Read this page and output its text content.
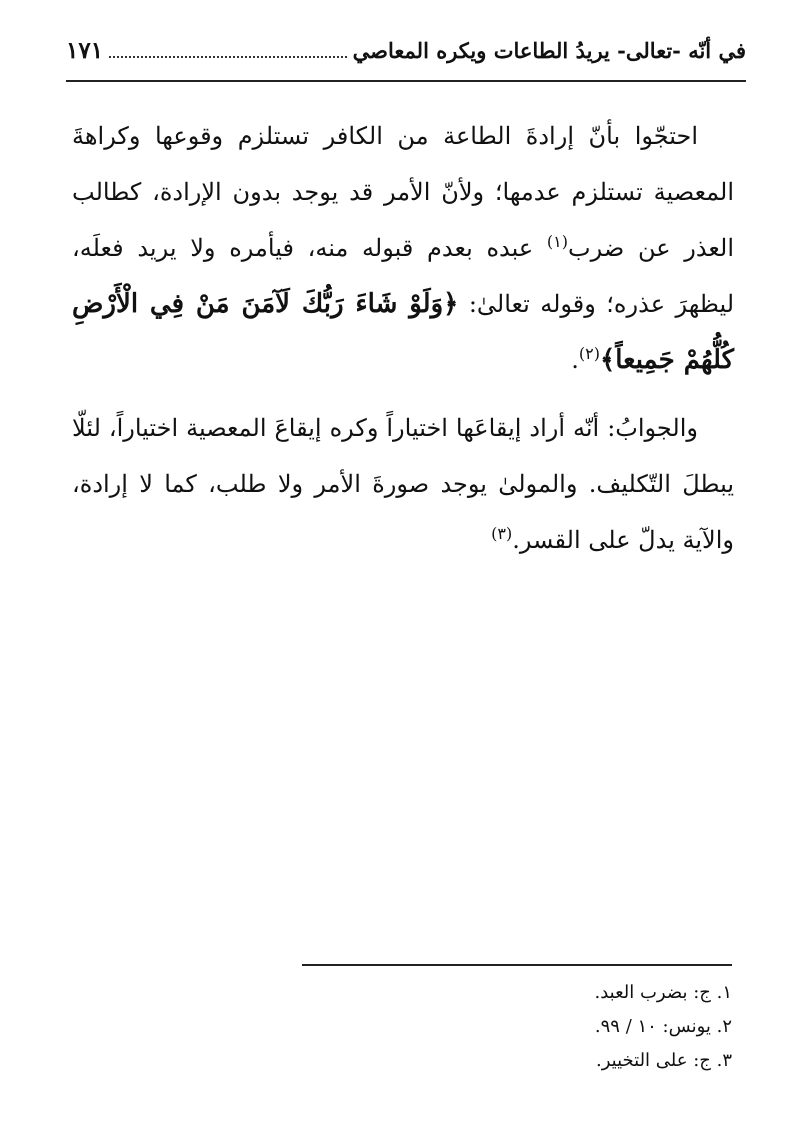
في أنّه -تعالى- يريدُ الطاعات ويكره المعاصي
١٧١

احتجّوا بأنّ إرادةَ الطاعة من الكافر تستلزم وقوعها وكراهةَ المعصية تستلزم عدمها؛ ولأنّ الأمر قد يوجد بدون الإرادة، كطالب العذر عن ضرب$^{(١)}$ عبده بعدم قبوله منه، فيأمره ولا يريد فعلَه، ليظهرَ عذره؛ وقوله تعالىٰ: ﴿وَلَوْ شَاءَ رَبُّكَ لَآمَنَ مَنْ فِي الْأَرْضِ كُلُّهُمْ جَمِيعاً﴾$^{(٢)}$.

والجوابُ: أنّه أراد إيقاعَها اختياراً وكره إيقاعَ المعصية اختياراً، لئلّا يبطلَ التّكليف. والمولىٰ يوجد صورةَ الأمر ولا طلب، كما لا إرادة، والآية يدلّ على القسر.$^{(٣)}$

١. ج: بضرب العبد.
٢. يونس: ١٠ / ٩٩.
٣. ج: على التخيير.
